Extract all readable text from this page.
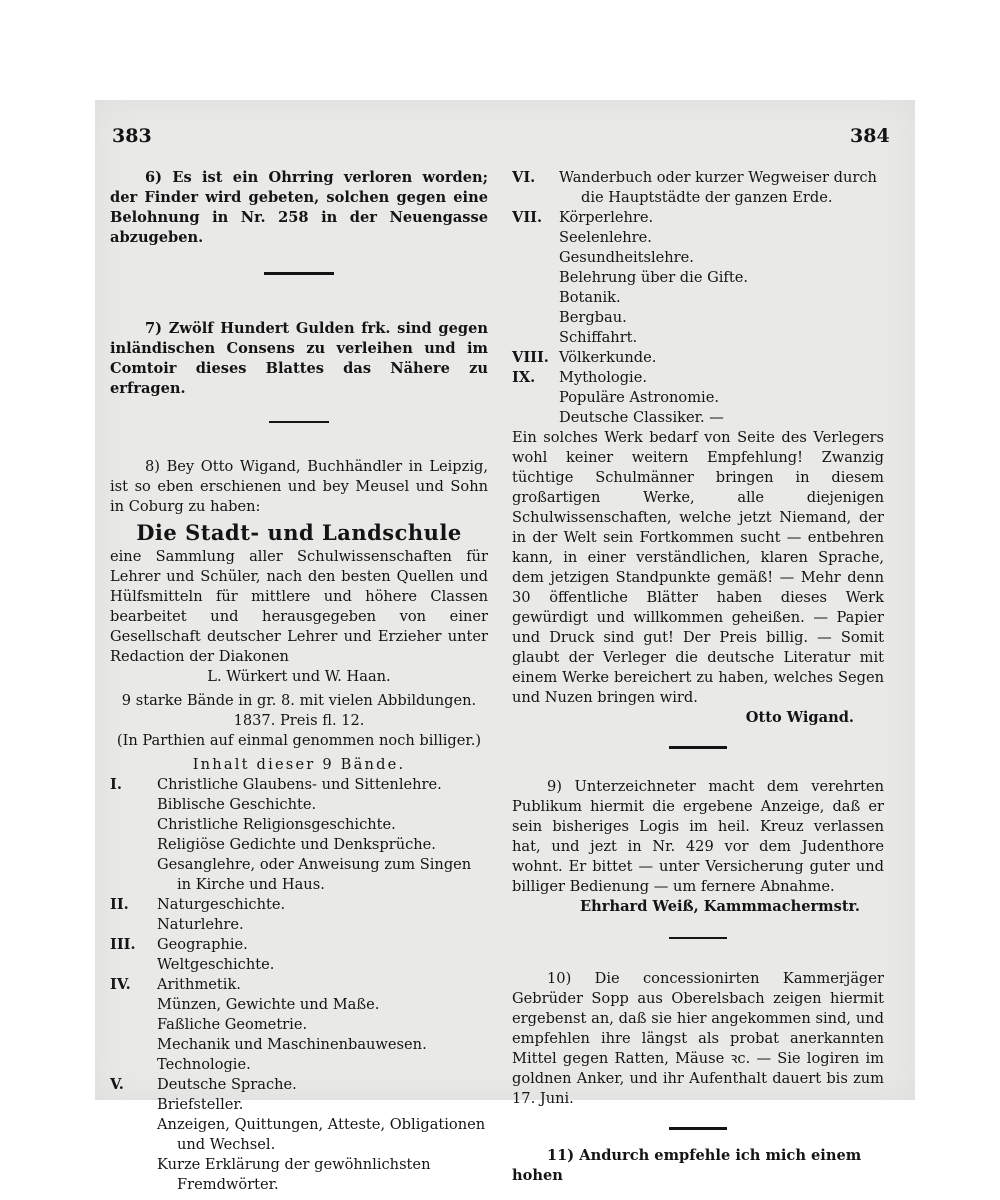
383	384

6) Es ist ein Ohrring verloren worden; der Finder wird gebeten, solchen gegen eine Belohnung in Nr. 258 in der Neuengasse abzugeben.

7) Zwölf Hundert Gulden frk. sind gegen inländischen Consens zu verleihen und im Comtoir dieses Blattes das Nähere zu erfragen.

8) Bey Otto Wigand, Buchhändler in Leipzig, ist so eben erschienen und bey Meusel und Sohn in Coburg zu haben:

Die Stadt- und Landschule

eine Sammlung aller Schulwissenschaften für Lehrer und Schüler, nach den besten Quellen und Hülfsmitteln für mittlere und höhere Classen bearbeitet und herausgegeben von einer Gesellschaft deutscher Lehrer und Erzieher unter Redaction der Diakonen

L. Würkert und W. Haan.

9 starke Bände in gr. 8. mit vielen Abbildungen.

1837. Preis fl. 12.

(In Parthien auf einmal genommen noch billiger.)

Inhalt dieser 9 Bände.

I.	Christliche Glaubens- und Sittenlehre.
Biblische Geschichte.
Christliche Religionsgeschichte.
Religiöse Gedichte und Denksprüche.
Gesanglehre, oder Anweisung zum Singen
in Kirche und Haus.
II.	Naturgeschichte.
Naturlehre.
III.	Geographie.
Weltgeschichte.
IV.	Arithmetik.
Münzen, Gewichte und Maße.
Faßliche Geometrie.
Mechanik und Maschinenbauwesen.
Technologie.
V.	Deutsche Sprache.
Briefsteller.
Anzeigen, Quittungen, Atteste, Obligationen und Wechsel.
Kurze Erklärung der gewöhnlichsten Fremdwörter.
VI.	Wanderbuch oder kurzer Wegweiser durch die Hauptstädte der ganzen Erde.
VII.	Körperlehre.
Seelenlehre.
Gesundheitslehre.
Belehrung über die Gifte.
Botanik.
Bergbau.
Schiffahrt.
VIII. Völkerkunde.
IX.	Mythologie.
Populäre Astronomie.
Deutsche Classiker. —

Ein solches Werk bedarf von Seite des Verlegers wohl keiner weitern Empfehlung! Zwanzig tüchtige Schulmänner bringen in diesem großartigen Werke, alle diejenigen Schulwissenschaften, welche jetzt Niemand, der in der Welt sein Fortkommen sucht — entbehren kann, in einer verständlichen, klaren Sprache, dem jetzigen Standpunkte gemäß! — Mehr denn 30 öffentliche Blätter haben dieses Werk gewürdigt und willkommen geheißen. — Papier und Druck sind gut! Der Preis billig. — Somit glaubt der Verleger die deutsche Literatur mit einem Werke bereichert zu haben, welches Segen und Nuzen bringen wird.

Otto Wigand.

9) Unterzeichneter macht dem verehrten Publikum hiermit die ergebene Anzeige, daß er sein bisheriges Logis im heil. Kreuz verlassen hat, und jezt in Nr. 429 vor dem Judenthore wohnt. Er bittet — unter Versicherung guter und billiger Bedienung — um fernere Abnahme.

Ehrhard Weiß, Kammmachermstr.

10) Die concessionirten Kammerjäger Gebrüder Sopp aus Oberelsbach zeigen hiermit ergebenst an, daß sie hier angekommen sind, und empfehlen ihre längst als probat anerkannten Mittel gegen Ratten, Mäuse ꝛc. — Sie logiren im goldnen Anker, und ihr Aufenthalt dauert bis zum 17. Juni.

11) Andurch empfehle ich mich einem hohen
